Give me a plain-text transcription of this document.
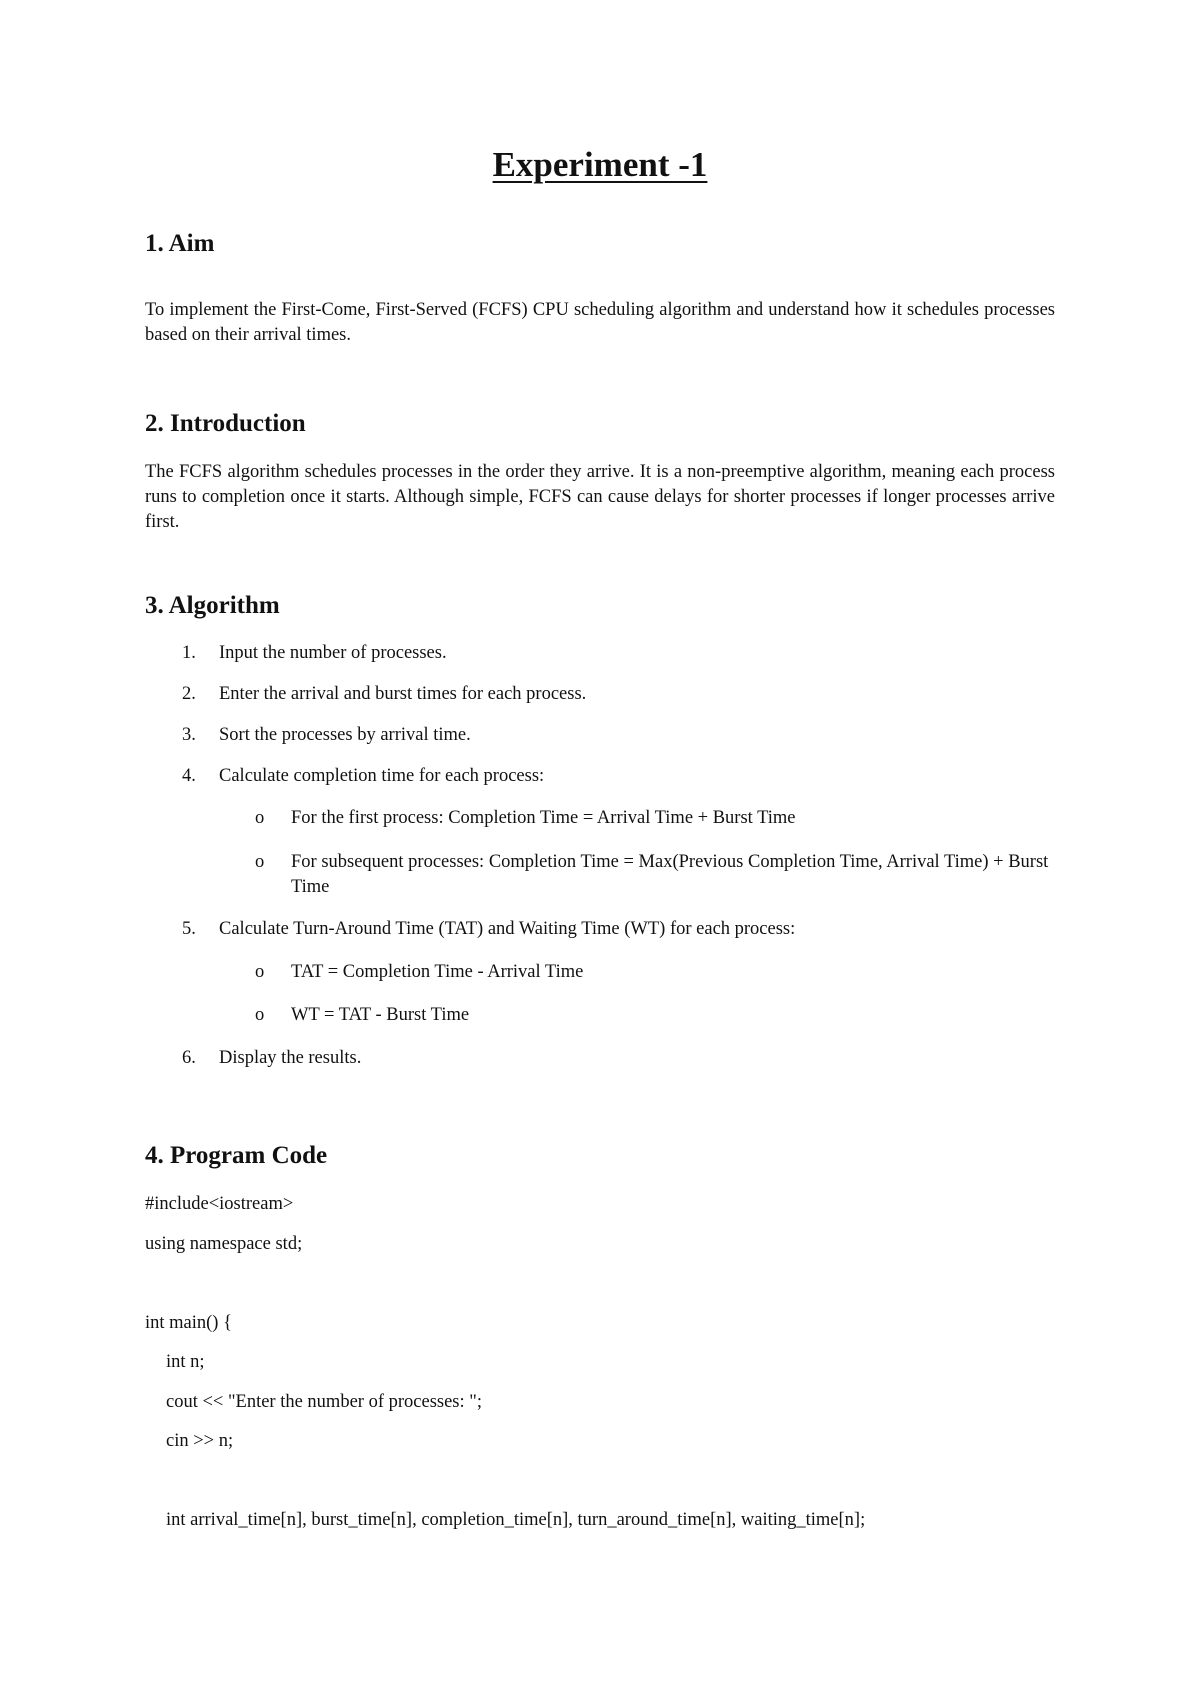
Experiment -1
1. Aim

To implement the First-Come, First-Served (FCFS) CPU scheduling algorithm and understand how it schedules processes based on their arrival times.

2. Introduction

The FCFS algorithm schedules processes in the order they arrive. It is a non-preemptive algorithm, meaning each process runs to completion once it starts. Although simple, FCFS can cause delays for shorter processes if longer processes arrive first.

3. Algorithm
1.	Input the number of processes.
2.	Enter the arrival and burst times for each process.
3.	Sort the processes by arrival time.
4.	Calculate completion time for each process:
o	For the first process: Completion Time = Arrival Time + Burst Time
o	For subsequent processes: Completion Time = Max(Previous Completion Time, Arrival Time) + Burst Time
5.	Calculate Turn-Around Time (TAT) and Waiting Time (WT) for each process:
o	TAT = Completion Time - Arrival Time
o	WT = TAT - Burst Time
6.	Display the results.
4. Program Code
#include<iostream>
using namespace std;
int main() {
int n;
cout << "Enter the number of processes: ";
cin >> n;
int arrival_time[n], burst_time[n], completion_time[n], turn_around_time[n], waiting_time[n];
